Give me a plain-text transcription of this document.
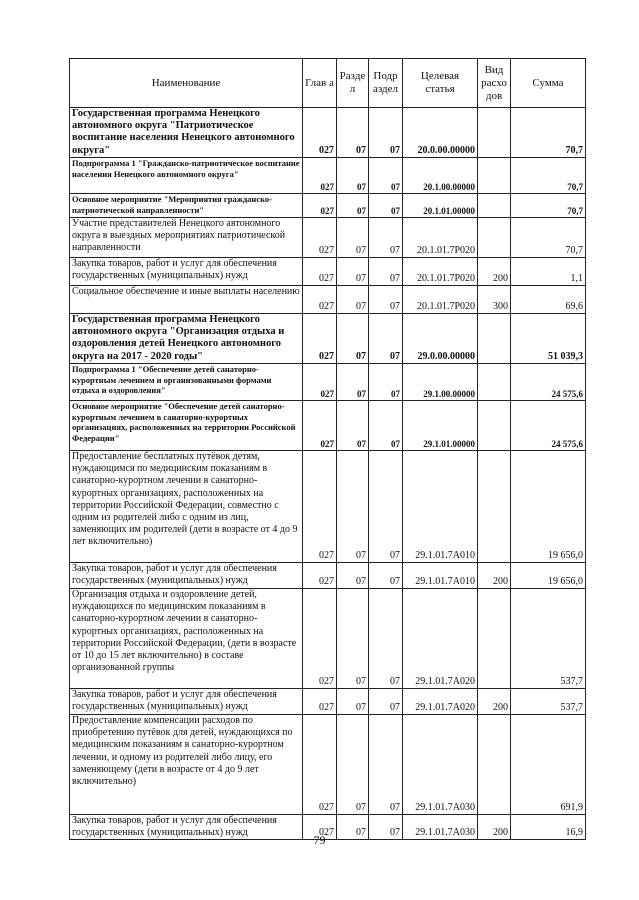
Наименование	Глав а	Разде л	Подр аздел	Целевая статья	Вид расхо дов	Сумма
Государственная программа Ненецкого автономного округа "Патриотическое воспитание населения Ненецкого автономного округа"	027	07	07	20.0.00.00000		70,7
Подпрограмма 1 "Гражданско-патриотическое воспитание населения Ненецкого автономного округа"	027	07	07	20.1.00.00000		70,7
Основное мероприятие "Мероприятия гражданско-патриотической направленности"	027	07	07	20.1.01.00000		70,7
Участие представителей Ненецкого автономного округа в выездных мероприятиях патриотической направленности	027	07	07	20.1.01.7Р020		70,7
Закупка товаров, работ и услуг для обеспечения государственных (муниципальных) нужд	027	07	07	20.1.01.7Р020	200	1,1
Социальное обеспечение и иные выплаты населению	027	07	07	20.1.01.7Р020	300	69,6
Государственная программа Ненецкого автономного округа "Организация отдыха и оздоровления детей Ненецкого автономного округа на 2017 - 2020 годы"	027	07	07	29.0.00.00000		51 039,3
Подпрограмма 1 "Обеспечение детей санаторно-курортным лечением и организованными формами отдыха и оздоровления"	027	07	07	29.1.00.00000		24 575,6
Основное мероприятие "Обеспечение детей санаторно-курортным лечением в санаторно-курортных организациях, расположенных на территории Российской Федерации"	027	07	07	29.1.01.00000		24 575,6
Предоставление бесплатных путёвок детям, нуждающимся по медицинским показаниям в санаторно-курортном лечении в санаторно-курортных организациях, расположенных на территории Российской Федерации, совместно с одним из родителей либо с одним из лиц, заменяющих им родителей (дети в возрасте от 4 до 9 лет включительно)	027	07	07	29.1.01.7А010		19 656,0
Закупка товаров, работ и услуг для обеспечения государственных (муниципальных) нужд	027	07	07	29.1.01.7А010	200	19 656,0
Организация отдыха и оздоровление детей, нуждающихся по медицинским показаниям в санаторно-курортном лечении в санаторно-курортных организациях, расположенных на территории Российской Федерации, (дети в возрасте от 10 до 15 лет включительно) в составе организованной группы	027	07	07	29.1.01.7А020		537,7
Закупка товаров, работ и услуг для обеспечения государственных (муниципальных) нужд	027	07	07	29.1.01.7А020	200	537,7
Предоставление компенсации расходов по приобретению путёвок для детей, нуждающихся по медицинским показаниям в санаторно-курортном лечении, и одному из родителей либо лицу, его заменяющему (дети в возрасте от 4 до 9 лет включительно)	027	07	07	29.1.01.7А030		691,9
Закупка товаров, работ и услуг для обеспечения государственных (муниципальных) нужд	027	07	07	29.1.01.7А030	200	16,9
79
